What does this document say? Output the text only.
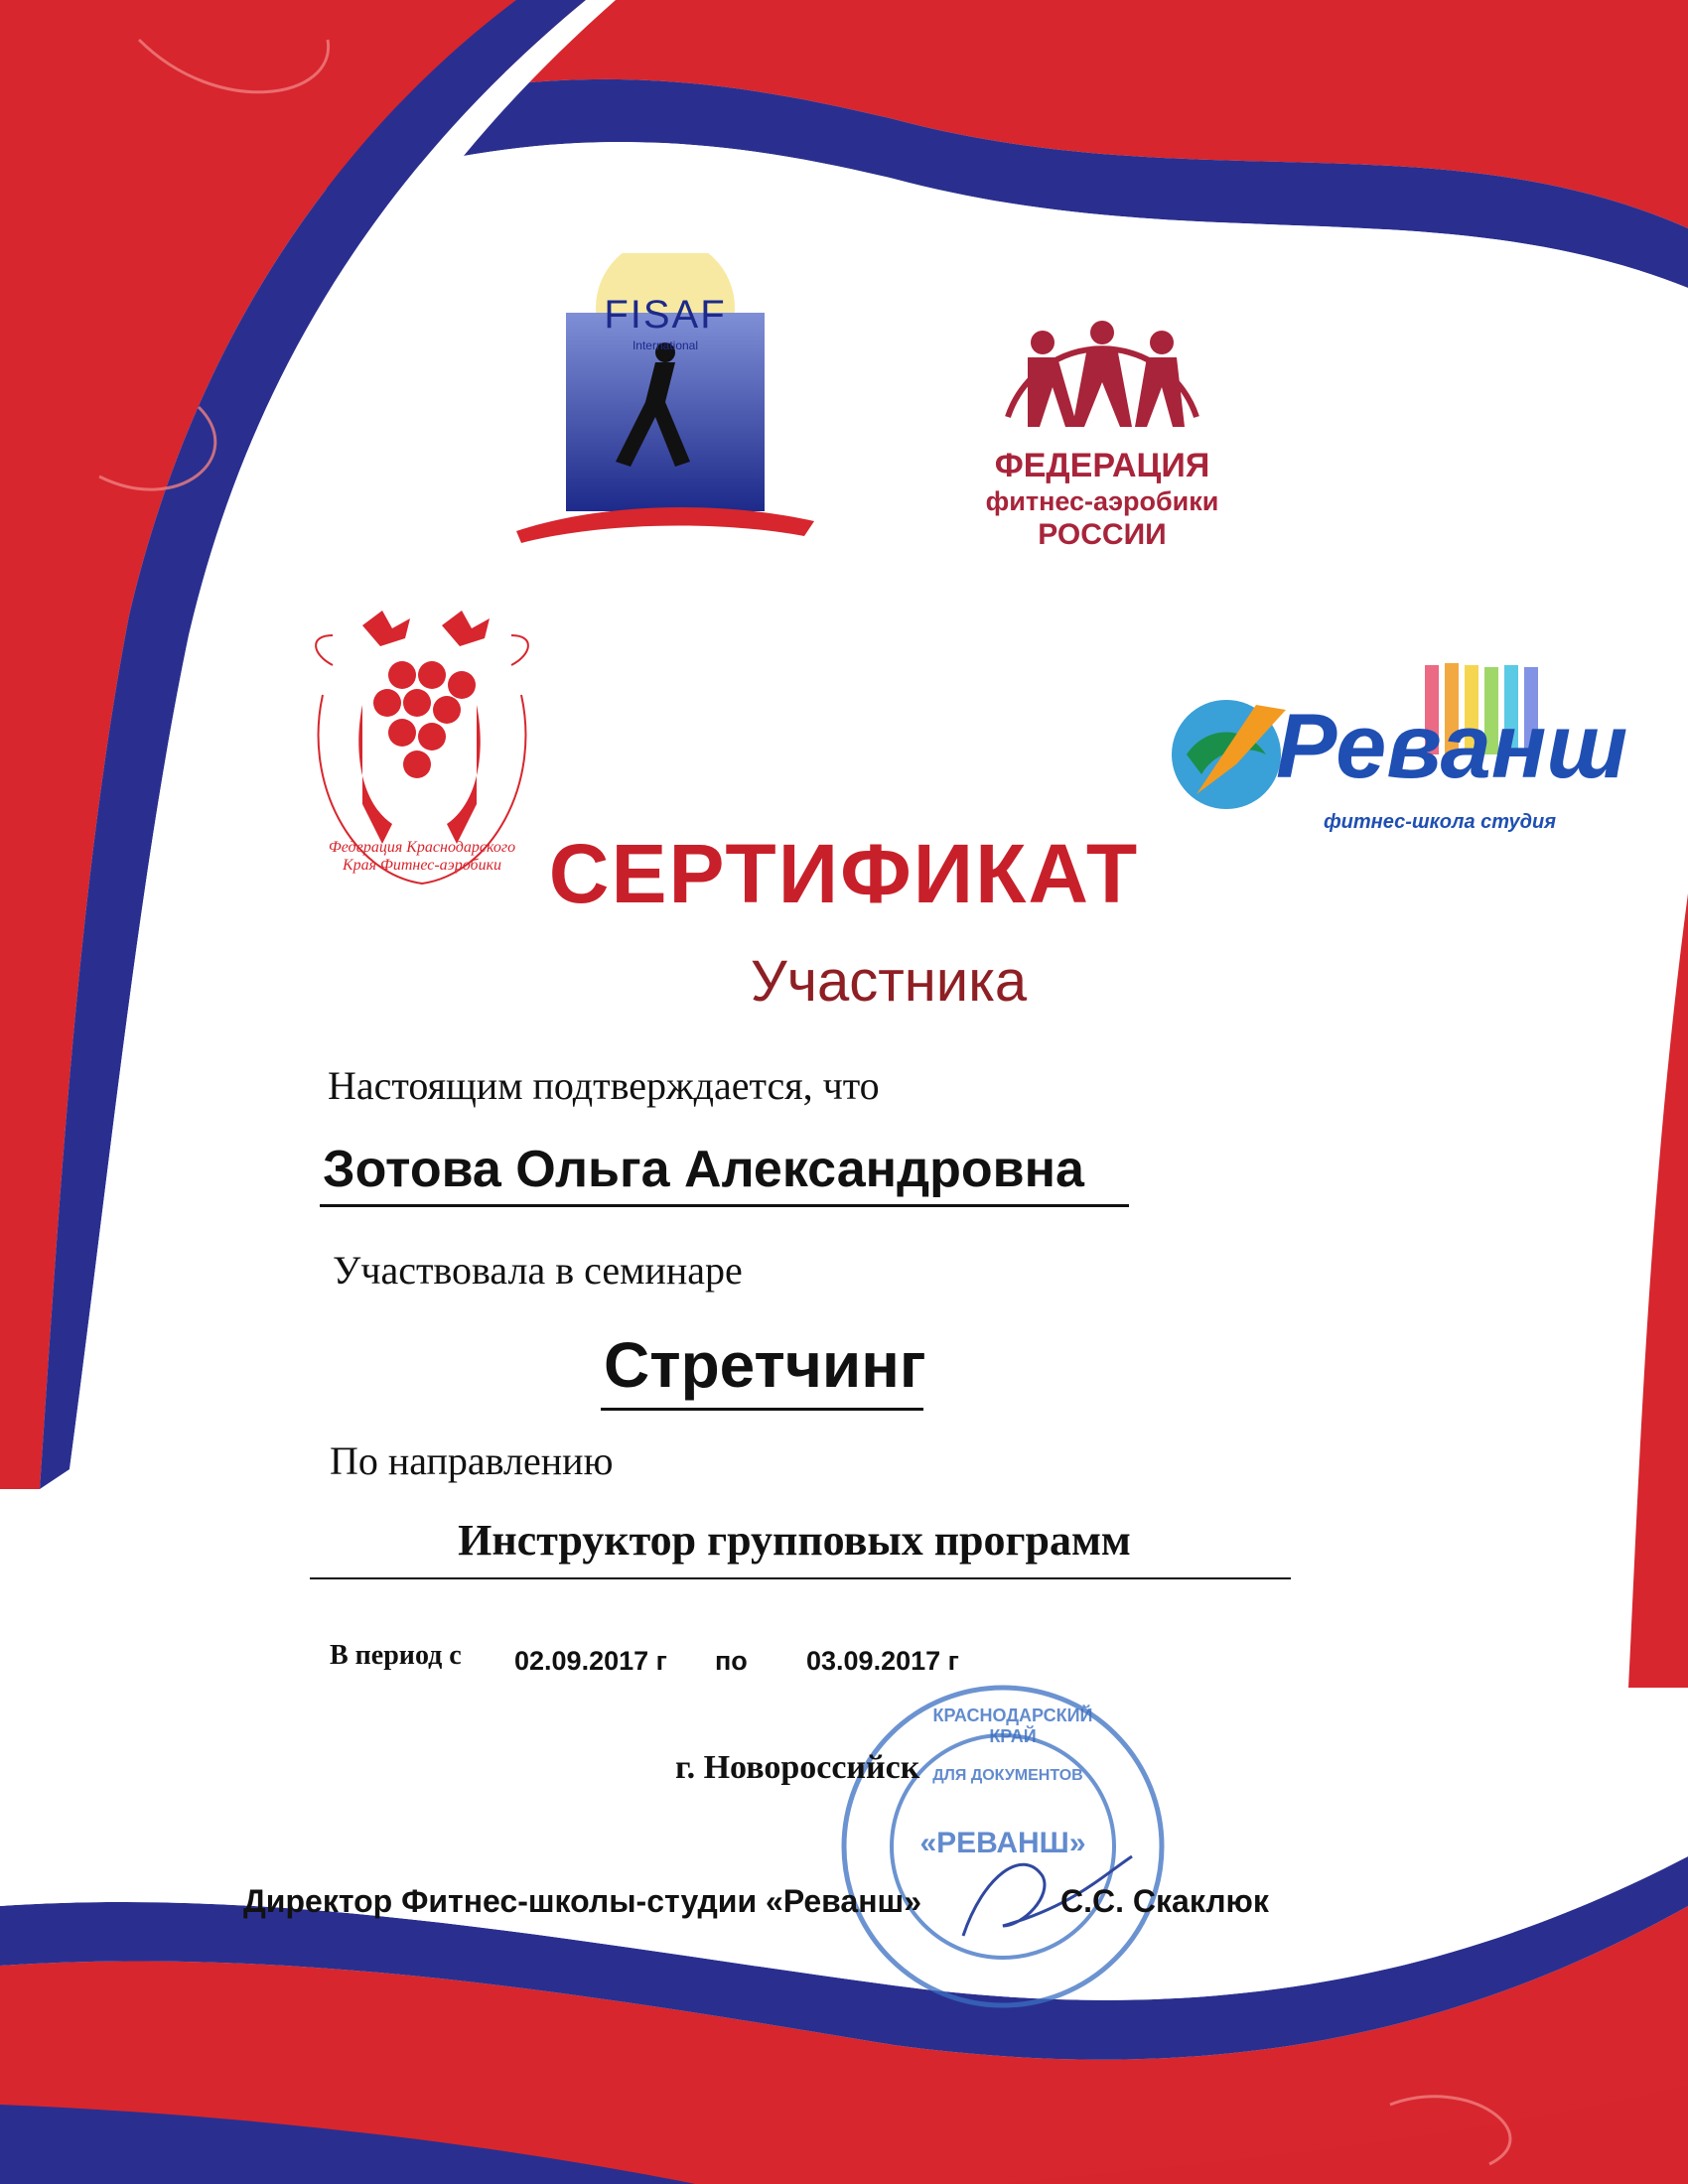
FISAF
International
ФЕДЕРАЦИЯ
фитнес-аэробики
РОССИИ
Федерация Краснодарского Края Фитнес-аэробики
Реванш
фитнес-школа студия
СЕРТИФИКАТ
Участника
Настоящим подтверждается, что
Зотова Ольга Александровна
Участвовала в семинаре
Стретчинг
По направлению
Инструктор групповых программ
В период с 02.09.2017 г по 03.09.2017 г
КРАСНОДАРСКИЙ КРАЙ
ДЛЯ ДОКУМЕНТОВ
«РЕВАНШ»
г. Новороссийск
Директор Фитнес-школы-студии «Реванш»	С.С. Скаклюк
